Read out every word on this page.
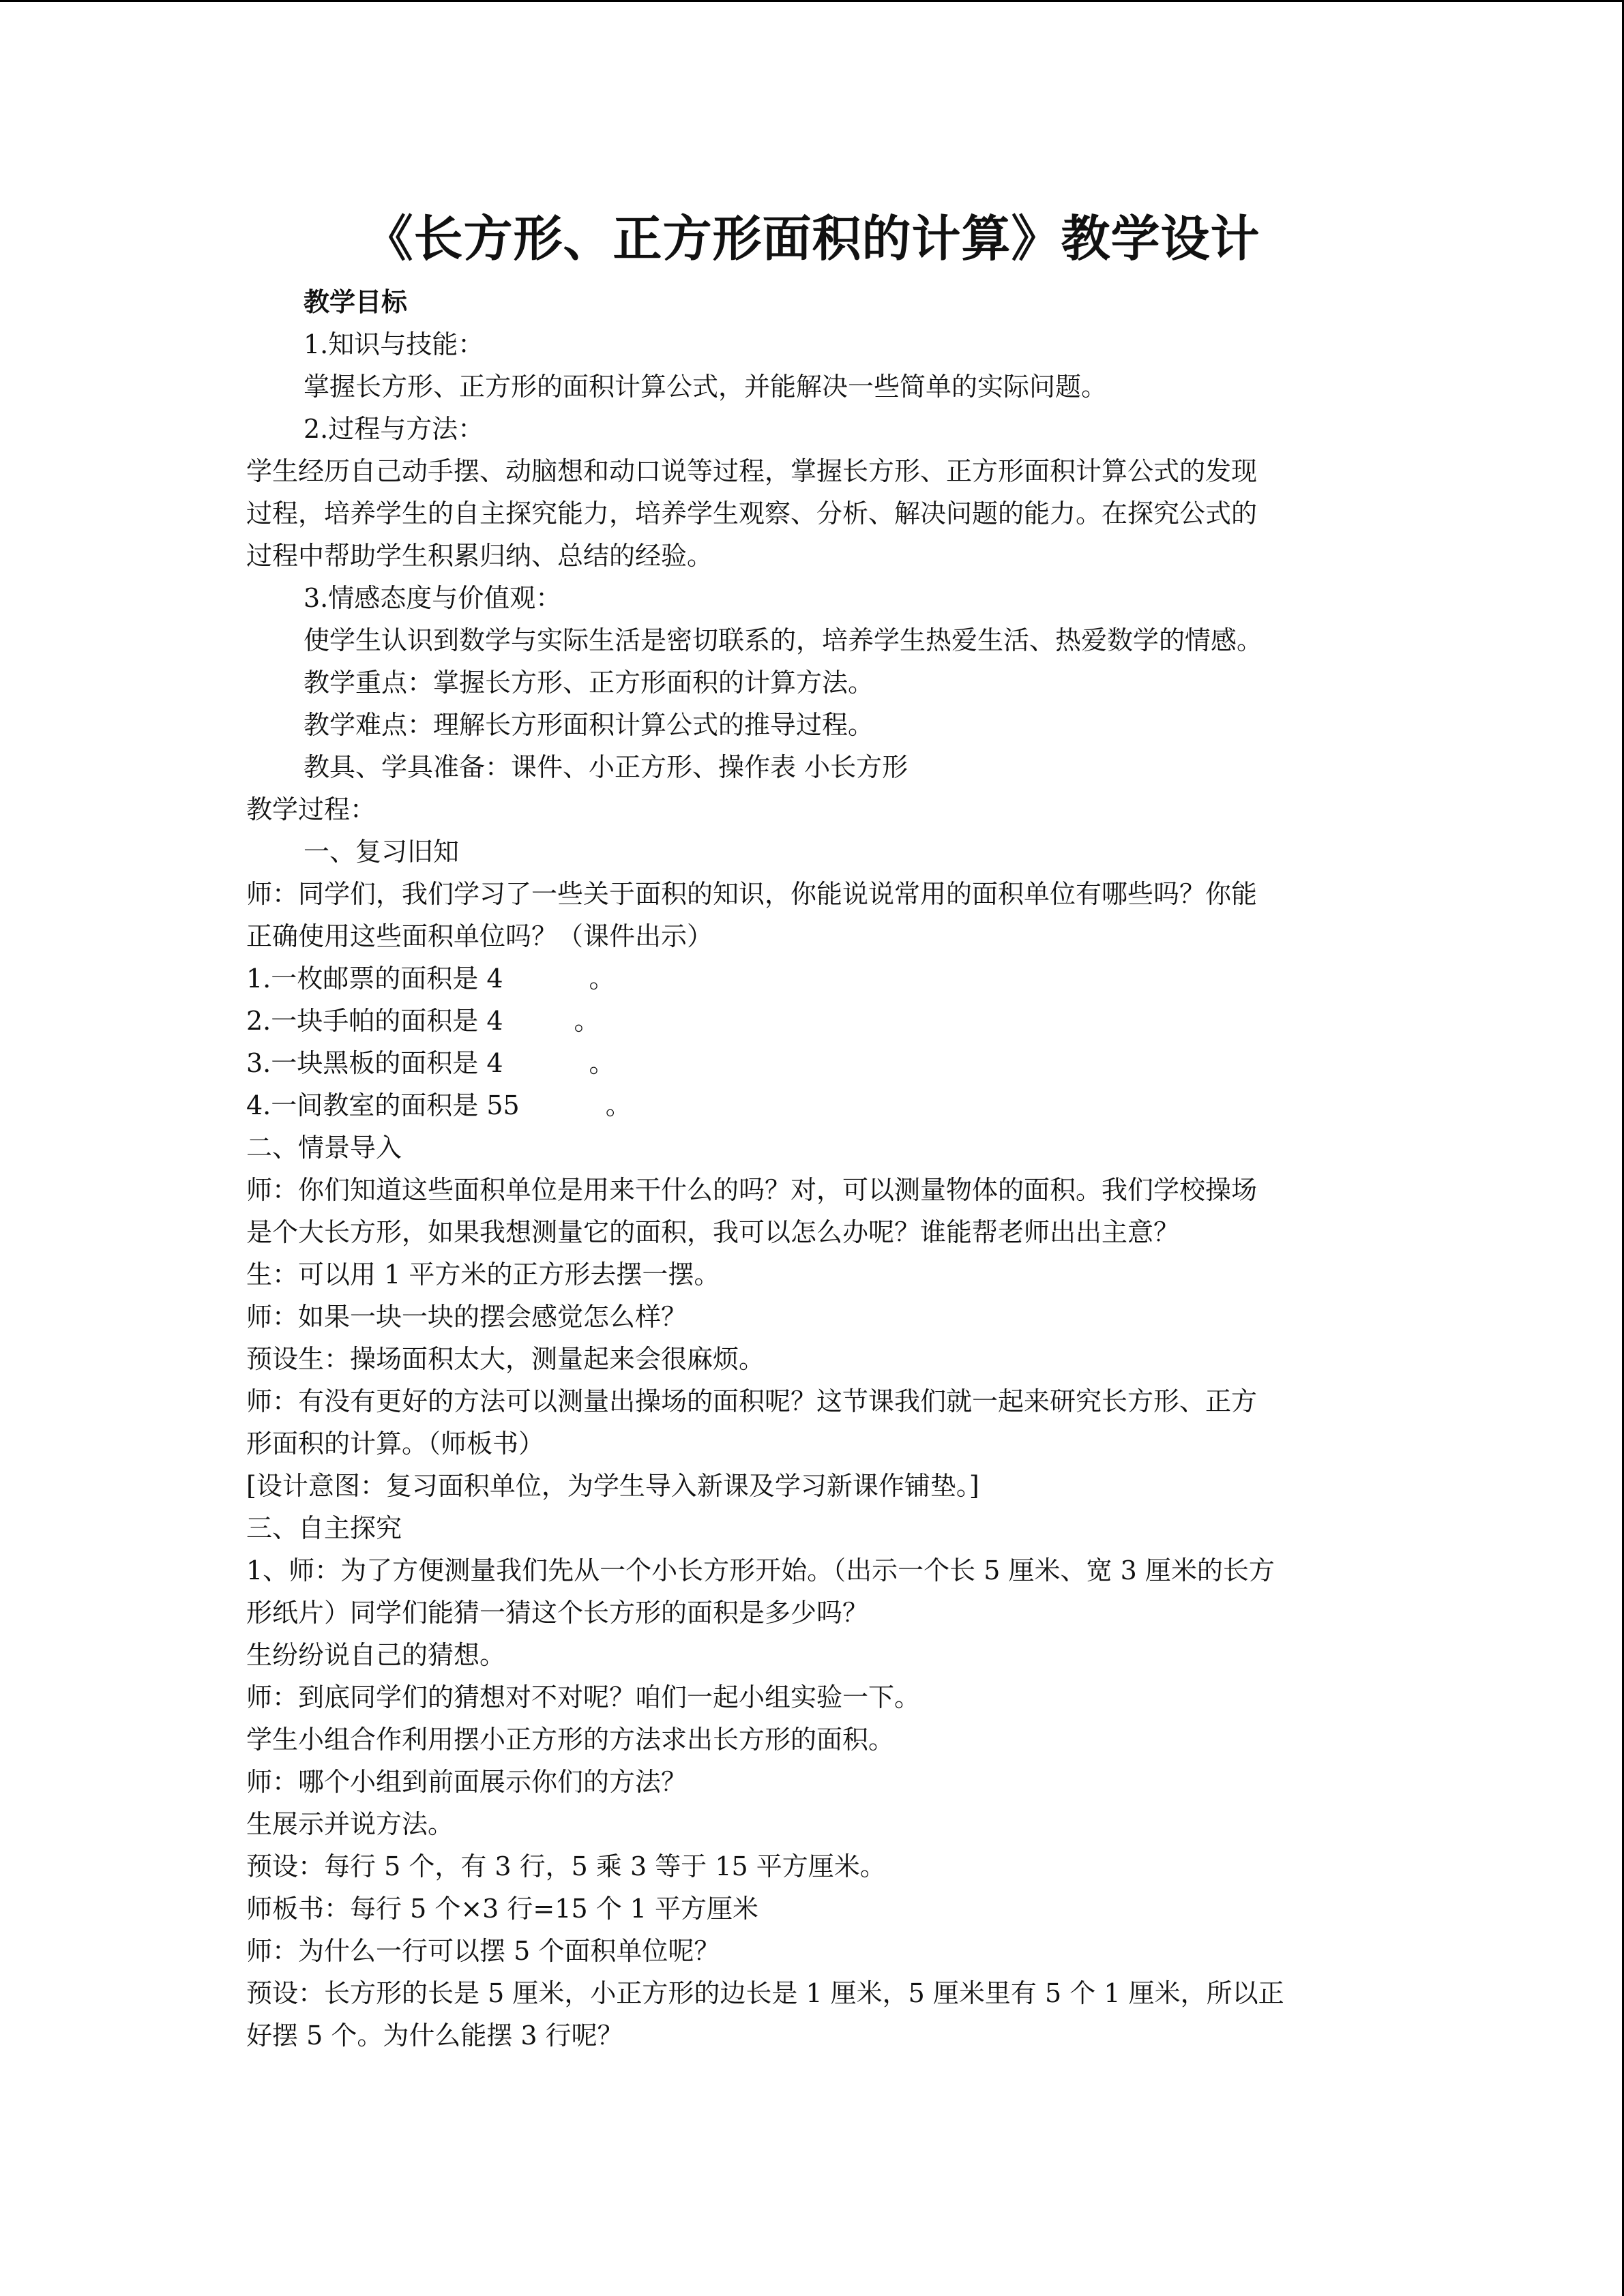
《长方形、正方形面积的计算》教学设计
教学目标
1.知识与技能：
掌握长方形、正方形的面积计算公式，并能解决一些简单的实际问题。
2.过程与方法：
学生经历自己动手摆、动脑想和动口说等过程，掌握长方形、正方形面积计算公式的发现
过程，培养学生的自主探究能力，培养学生观察、分析、解决问题的能力。在探究公式的
过程中帮助学生积累归纳、总结的经验。
3.情感态度与价值观：
使学生认识到数学与实际生活是密切联系的，培养学生热爱生活、热爱数学的情感。
教学重点：掌握长方形、正方形面积的计算方法。
教学难点：理解长方形面积计算公式的推导过程。
教具、学具准备：课件、小正方形、操作表 小长方形
教学过程：
一、复习旧知
师：同学们，我们学习了一些关于面积的知识，你能说说常用的面积单位有哪些吗？你能
正确使用这些面积单位吗？（课件出示）
1.一枚邮票的面积是 4	。
2.一块手帕的面积是 4	。
3.一块黑板的面积是 4	。
4.一间教室的面积是 55	。
二、情景导入
师：你们知道这些面积单位是用来干什么的吗？对，可以测量物体的面积。我们学校操场
是个大长方形，如果我想测量它的面积，我可以怎么办呢？谁能帮老师出出主意？
生：可以用 1 平方米的正方形去摆一摆。
师：如果一块一块的摆会感觉怎么样？
预设生：操场面积太大，测量起来会很麻烦。
师：有没有更好的方法可以测量出操场的面积呢？这节课我们就一起来研究长方形、正方
形面积的计算。（师板书）
[设计意图：复习面积单位，为学生导入新课及学习新课作铺垫。]
三、自主探究
1、师：为了方便测量我们先从一个小长方形开始。（出示一个长 5 厘米、宽 3 厘米的长方
形纸片）同学们能猜一猜这个长方形的面积是多少吗？
生纷纷说自己的猜想。
师：到底同学们的猜想对不对呢？咱们一起小组实验一下。
学生小组合作利用摆小正方形的方法求出长方形的面积。
师：哪个小组到前面展示你们的方法？
生展示并说方法。
预设：每行 5 个，有 3 行，5 乘 3 等于 15 平方厘米。
师板书：每行 5 个×3 行=15 个 1 平方厘米
师：为什么一行可以摆 5 个面积单位呢？
预设：长方形的长是 5 厘米，小正方形的边长是 1 厘米，5 厘米里有 5 个 1 厘米，所以正
好摆 5 个。为什么能摆 3 行呢？
